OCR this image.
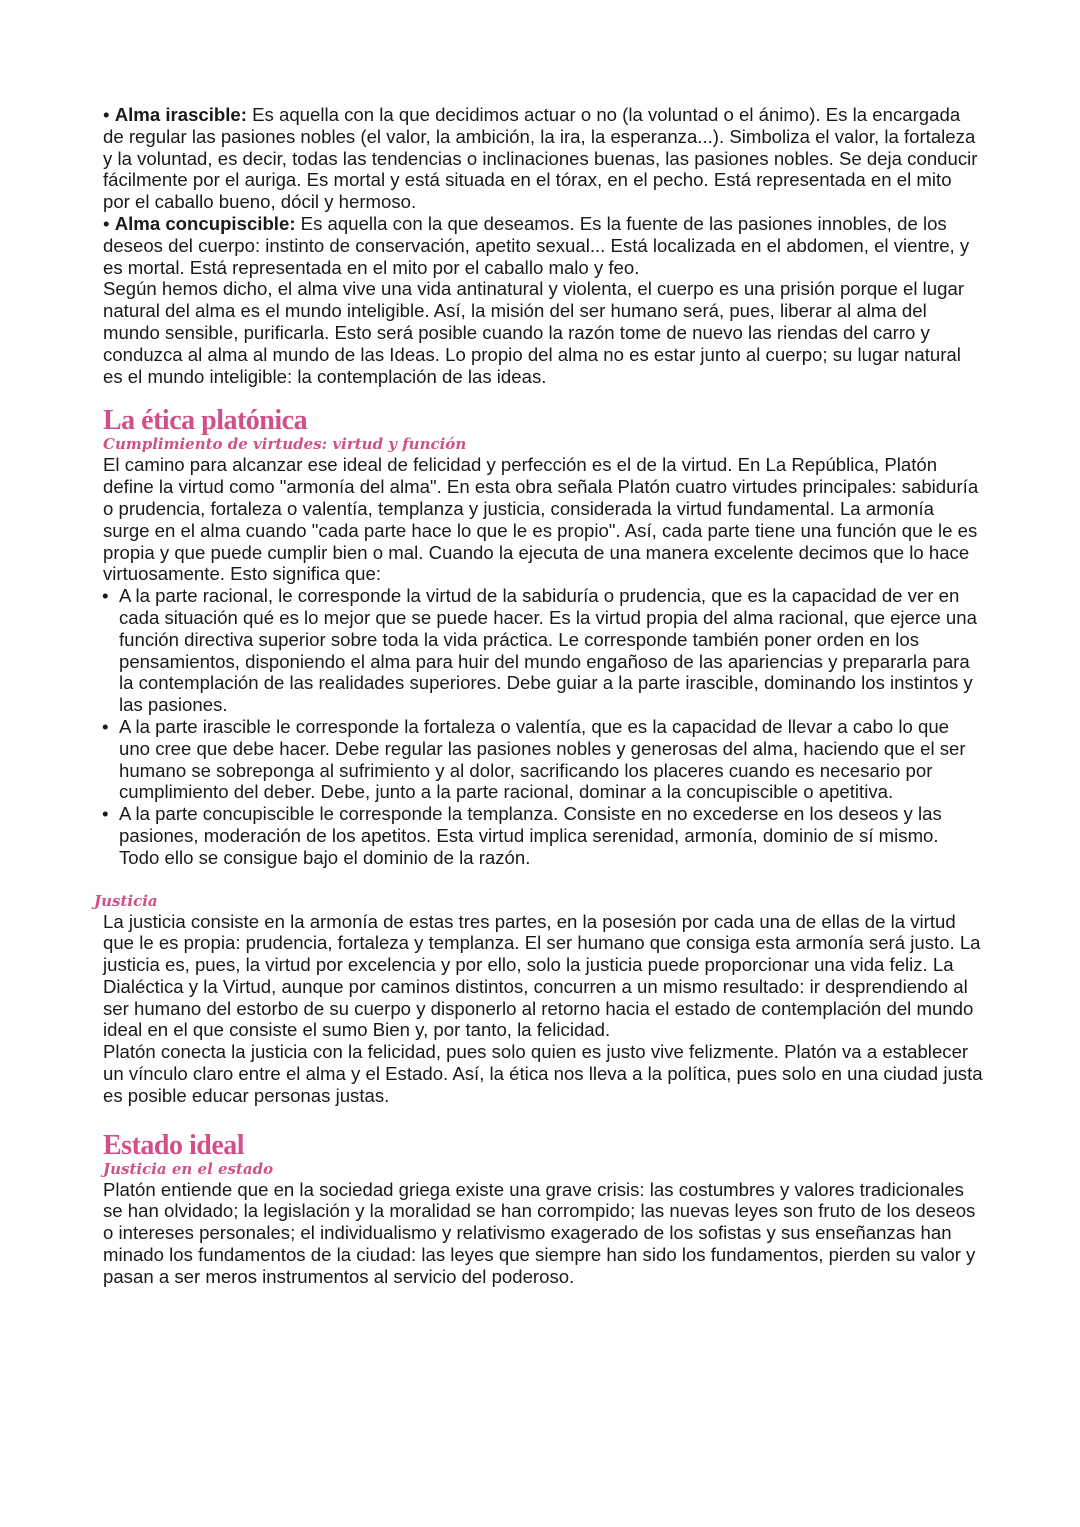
• Alma irascible: Es aquella con la que decidimos actuar o no (la voluntad o el ánimo). Es la encargada de regular las pasiones nobles (el valor, la ambición, la ira, la esperanza...). Simboliza el valor, la fortaleza y la voluntad, es decir, todas las tendencias o inclinaciones buenas, las pasiones nobles. Se deja conducir fácilmente por el auriga. Es mortal y está situada en el tórax, en el pecho. Está representada en el mito por el caballo bueno, dócil y hermoso.

• Alma concupiscible: Es aquella con la que deseamos. Es la fuente de las pasiones innobles, de los deseos del cuerpo: instinto de conservación, apetito sexual... Está localizada en el abdomen, el vientre, y es mortal. Está representada en el mito por el caballo malo y feo.

Según hemos dicho, el alma vive una vida antinatural y violenta, el cuerpo es una prisión porque el lugar natural del alma es el mundo inteligible. Así, la misión del ser humano será, pues, liberar al alma del mundo sensible, purificarla. Esto será posible cuando la razón tome de nuevo las riendas del carro y conduzca al alma al mundo de las Ideas. Lo propio del alma no es estar junto al cuerpo; su lugar natural es el mundo inteligible: la contemplación de las ideas.

La ética platónica
Cumplimiento de virtudes: virtud y función

El camino para alcanzar ese ideal de felicidad y perfección es el de la virtud. En La República, Platón define la virtud como "armonía del alma". En esta obra señala Platón cuatro virtudes principales: sabiduría o prudencia, fortaleza o valentía, templanza y justicia, considerada la virtud fundamental. La armonía surge en el alma cuando "cada parte hace lo que le es propio". Así, cada parte tiene una función que le es propia y que puede cumplir bien o mal. Cuando la ejecuta de una manera excelente decimos que lo hace virtuosamente. Esto significa que:

• A la parte racional, le corresponde la virtud de la sabiduría o prudencia, que es la capacidad de ver en cada situación qué es lo mejor que se puede hacer. Es la virtud propia del alma racional, que ejerce una función directiva superior sobre toda la vida práctica. Le corresponde también poner orden en los pensamientos, disponiendo el alma para huir del mundo engañoso de las apariencias y prepararla para la contemplación de las realidades superiores. Debe guiar a la parte irascible, dominando los instintos y las pasiones.
• A la parte irascible le corresponde la fortaleza o valentía, que es la capacidad de llevar a cabo lo que uno cree que debe hacer. Debe regular las pasiones nobles y generosas del alma, haciendo que el ser humano se sobreponga al sufrimiento y al dolor, sacrificando los placeres cuando es necesario por cumplimiento del deber. Debe, junto a la parte racional, dominar a la concupiscible o apetitiva.
• A la parte concupiscible le corresponde la templanza. Consiste en no excederse en los deseos y las pasiones, moderación de los apetitos. Esta virtud implica serenidad, armonía, dominio de sí mismo. Todo ello se consigue bajo el dominio de la razón.
Justicia

La justicia consiste en la armonía de estas tres partes, en la posesión por cada una de ellas de la virtud que le es propia: prudencia, fortaleza y templanza. El ser humano que consiga esta armonía será justo. La justicia es, pues, la virtud por excelencia y por ello, solo la justicia puede proporcionar una vida feliz. La Dialéctica y la Virtud, aunque por caminos distintos, concurren a un mismo resultado: ir desprendiendo al ser humano del estorbo de su cuerpo y disponerlo al retorno hacia el estado de contemplación del mundo ideal en el que consiste el sumo Bien y, por tanto, la felicidad.

Platón conecta la justicia con la felicidad, pues solo quien es justo vive felizmente. Platón va a establecer un vínculo claro entre el alma y el Estado. Así, la ética nos lleva a la política, pues solo en una ciudad justa es posible educar personas justas.

Estado ideal
Justicia en el estado

Platón entiende que en la sociedad griega existe una grave crisis: las costumbres y valores tradicionales se han olvidado; la legislación y la moralidad se han corrompido; las nuevas leyes son fruto de los deseos o intereses personales; el individualismo y relativismo exagerado de los sofistas y sus enseñanzas han minado los fundamentos de la ciudad: las leyes que siempre han sido los fundamentos, pierden su valor y pasan a ser meros instrumentos al servicio del poderoso.
